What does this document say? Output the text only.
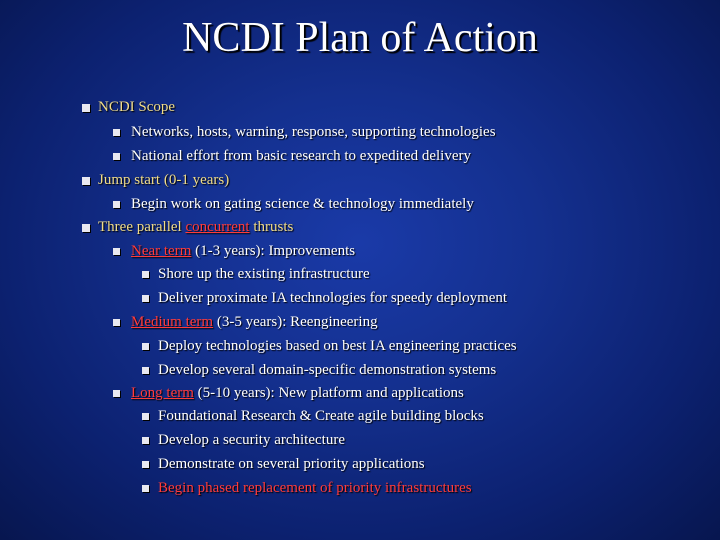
NCDI Plan of Action
NCDI Scope
Networks, hosts, warning, response, supporting technologies
National effort from basic research to expedited delivery
Jump start (0-1 years)
Begin work on gating science & technology immediately
Three parallel concurrent thrusts
Near term (1-3 years): Improvements
Shore up the existing infrastructure
Deliver proximate IA technologies for speedy deployment
Medium term (3-5 years): Reengineering
Deploy technologies based on best IA engineering practices
Develop several domain-specific demonstration systems
Long term (5-10 years): New platform and applications
Foundational Research & Create agile building blocks
Develop a security architecture
Demonstrate on several priority applications
Begin phased replacement of priority infrastructures
